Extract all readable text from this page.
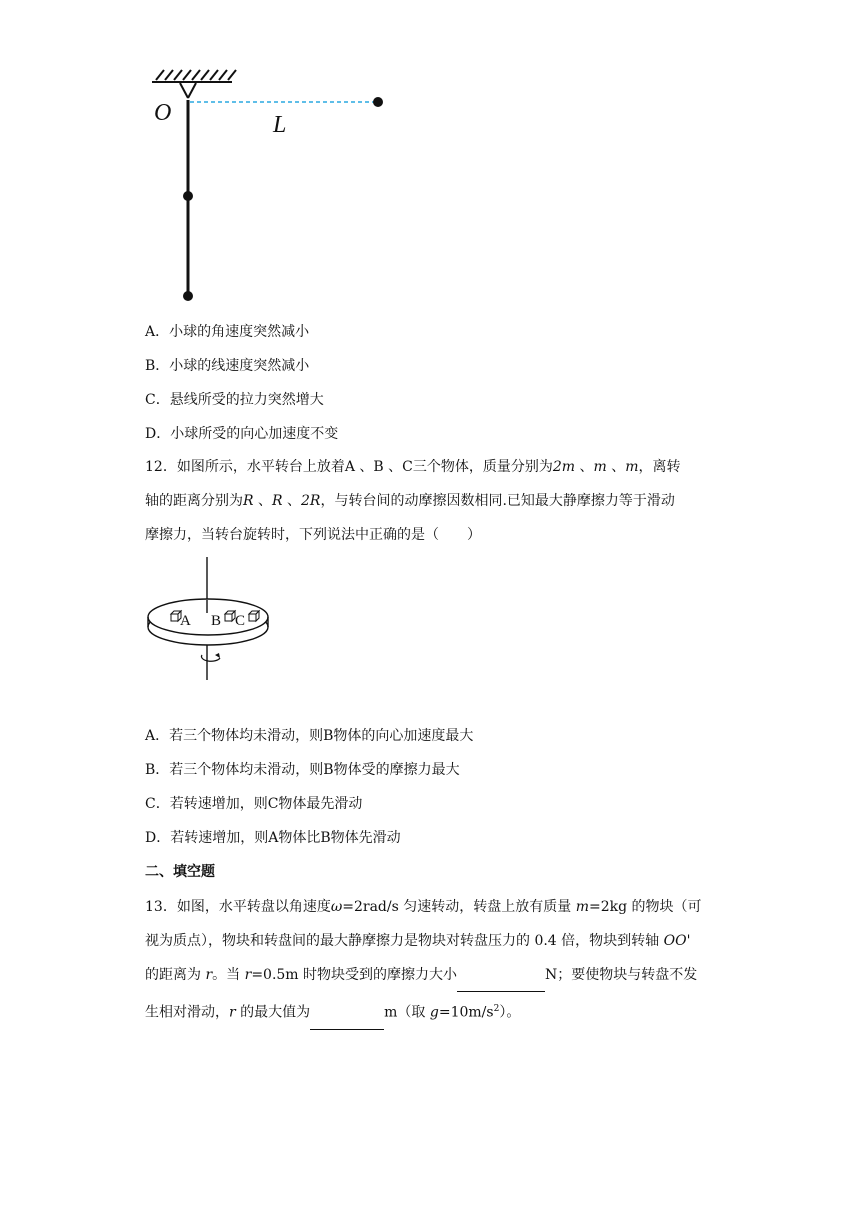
O	L
A．小球的角速度突然减小
B．小球的线速度突然减小
C．悬线所受的拉力突然增大
D．小球所受的向心加速度不变
12．如图所示，水平转台上放着A 、B 、C三个物体，质量分别为2m 、m 、m，离转
轴的距离分别为R 、R 、2R，与转台间的动摩擦因数相同.已知最大静摩擦力等于滑动
摩擦力，当转台旋转时，下列说法中正确的是（　　）
A B C
A．若三个物体均未滑动，则B物体的向心加速度最大
B．若三个物体均未滑动，则B物体受的摩擦力最大
C．若转速增加，则C物体最先滑动
D．若转速增加，则A物体比B物体先滑动
二、填空题
13．如图，水平转盘以角速度ω=2rad/s 匀速转动，转盘上放有质量 m=2kg 的物块（可
视为质点），物块和转盘间的最大静摩擦力是物块对转盘压力的 0.4 倍，物块到转轴 OO'
的距离为 r。当 r=0.5m 时物块受到的摩擦力大小	N；要使物块与转盘不发
生相对滑动，r 的最大值为	m（取 $g=10m/s^2$）。
